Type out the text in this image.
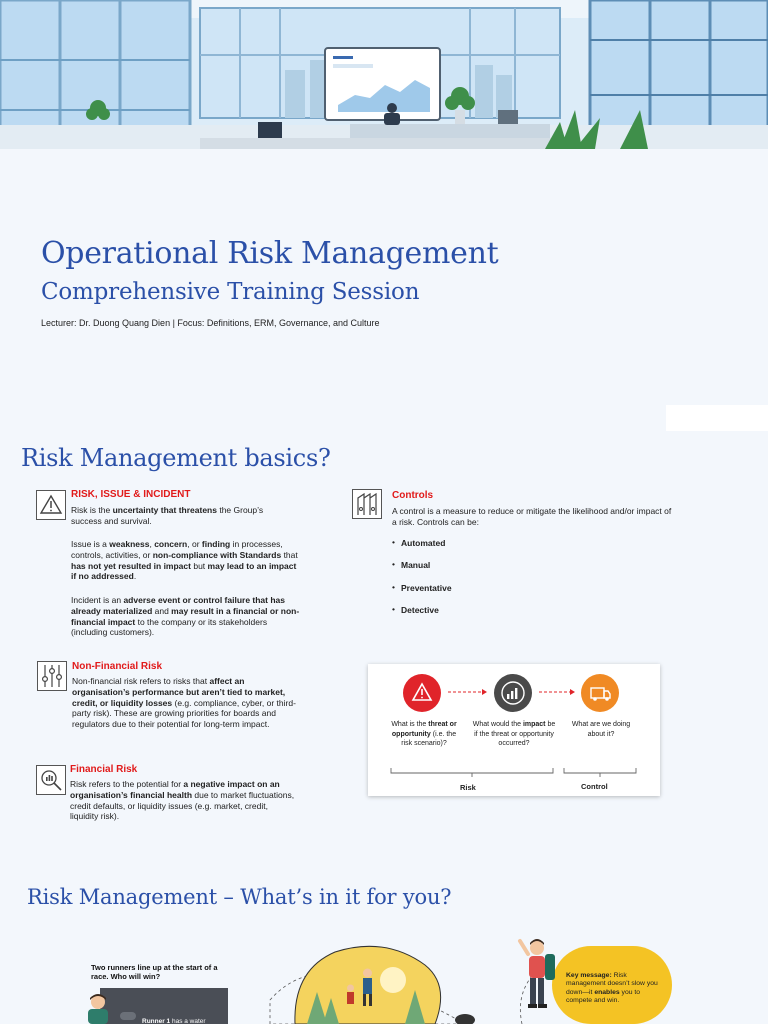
Operational Risk Management
Comprehensive Training Session
Lecturer: Dr. Duong Quang Dien | Focus: Definitions, ERM, Governance, and Culture
Risk Management basics?
RISK, ISSUE & INCIDENT
Risk is the uncertainty that threatens the Group’s success and survival.
Issue is a weakness, concern, or finding in processes, controls, activities, or non-compliance with Standards that has not yet resulted in impact but may lead to an impact if no addressed.
Incident is an adverse event or control failure that has already materialized and may result in a financial or non-financial impact to the company or its stakeholders (including customers).
Controls
A control is a measure to reduce or mitigate the likelihood and/or impact of a risk. Controls can be:
• Automated
• Manual
• Preventative
• Detective
Non-Financial Risk
Non-financial risk refers to risks that affect an organisation’s performance but aren’t tied to market, credit, or liquidity losses (e.g. compliance, cyber, or third-party risk). These are growing priorities for boards and regulators due to their potential for long-term impact.
Financial Risk
Risk refers to the potential for a negative impact on an organisation’s financial health due to market fluctuations, credit defaults, or liquidity issues (e.g. market, credit, liquidity risk).
What is the threat or opportunity (i.e. the risk scenario)?
What would the impact be if the threat or opportunity occurred?
What are we doing about it?
Risk	Control
Risk Management – What’s in it for you?
Two runners line up at the start of a race. Who will win?
Runner 1 has a water
Key message: Risk management doesn’t slow you down—it enables you to compete and win.
